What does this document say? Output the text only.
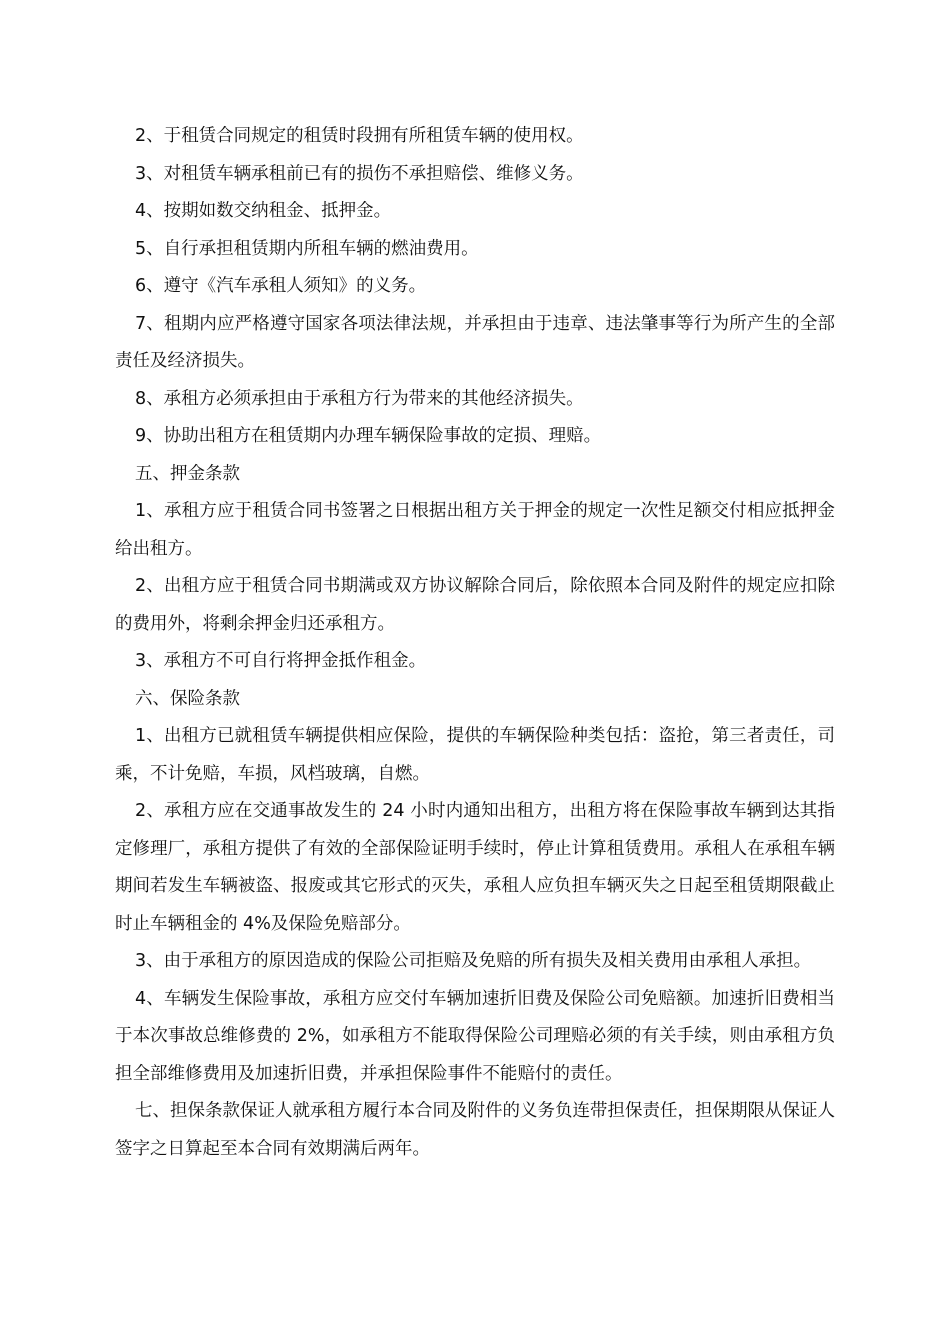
2、于租赁合同规定的租赁时段拥有所租赁车辆的使用权。

3、对租赁车辆承租前已有的损伤不承担赔偿、维修义务。

4、按期如数交纳租金、抵押金。

5、自行承担租赁期内所租车辆的燃油费用。

6、遵守《汽车承租人须知》的义务。

7、租期内应严格遵守国家各项法律法规，并承担由于违章、违法肇事等行为所产生的全部责任及经济损失。

8、承租方必须承担由于承租方行为带来的其他经济损失。

9、协助出租方在租赁期内办理车辆保险事故的定损、理赔。

五、押金条款

1、承租方应于租赁合同书签署之日根据出租方关于押金的规定一次性足额交付相应抵押金给出租方。

2、出租方应于租赁合同书期满或双方协议解除合同后，除依照本合同及附件的规定应扣除的费用外，将剩余押金归还承租方。

3、承租方不可自行将押金抵作租金。

六、保险条款

1、出租方已就租赁车辆提供相应保险，提供的车辆保险种类包括：盗抢，第三者责任，司乘，不计免赔，车损，风档玻璃，自燃。

2、承租方应在交通事故发生的 24 小时内通知出租方，出租方将在保险事故车辆到达其指定修理厂，承租方提供了有效的全部保险证明手续时，停止计算租赁费用。承租人在承租车辆期间若发生车辆被盗、报废或其它形式的灭失，承租人应负担车辆灭失之日起至租赁期限截止时止车辆租金的 4%及保险免赔部分。

3、由于承租方的原因造成的保险公司拒赔及免赔的所有损失及相关费用由承租人承担。

4、车辆发生保险事故，承租方应交付车辆加速折旧费及保险公司免赔额。加速折旧费相当于本次事故总维修费的 2%，如承租方不能取得保险公司理赔必须的有关手续，则由承租方负担全部维修费用及加速折旧费，并承担保险事件不能赔付的责任。

七、担保条款保证人就承租方履行本合同及附件的义务负连带担保责任，担保期限从保证人签字之日算起至本合同有效期满后两年。
